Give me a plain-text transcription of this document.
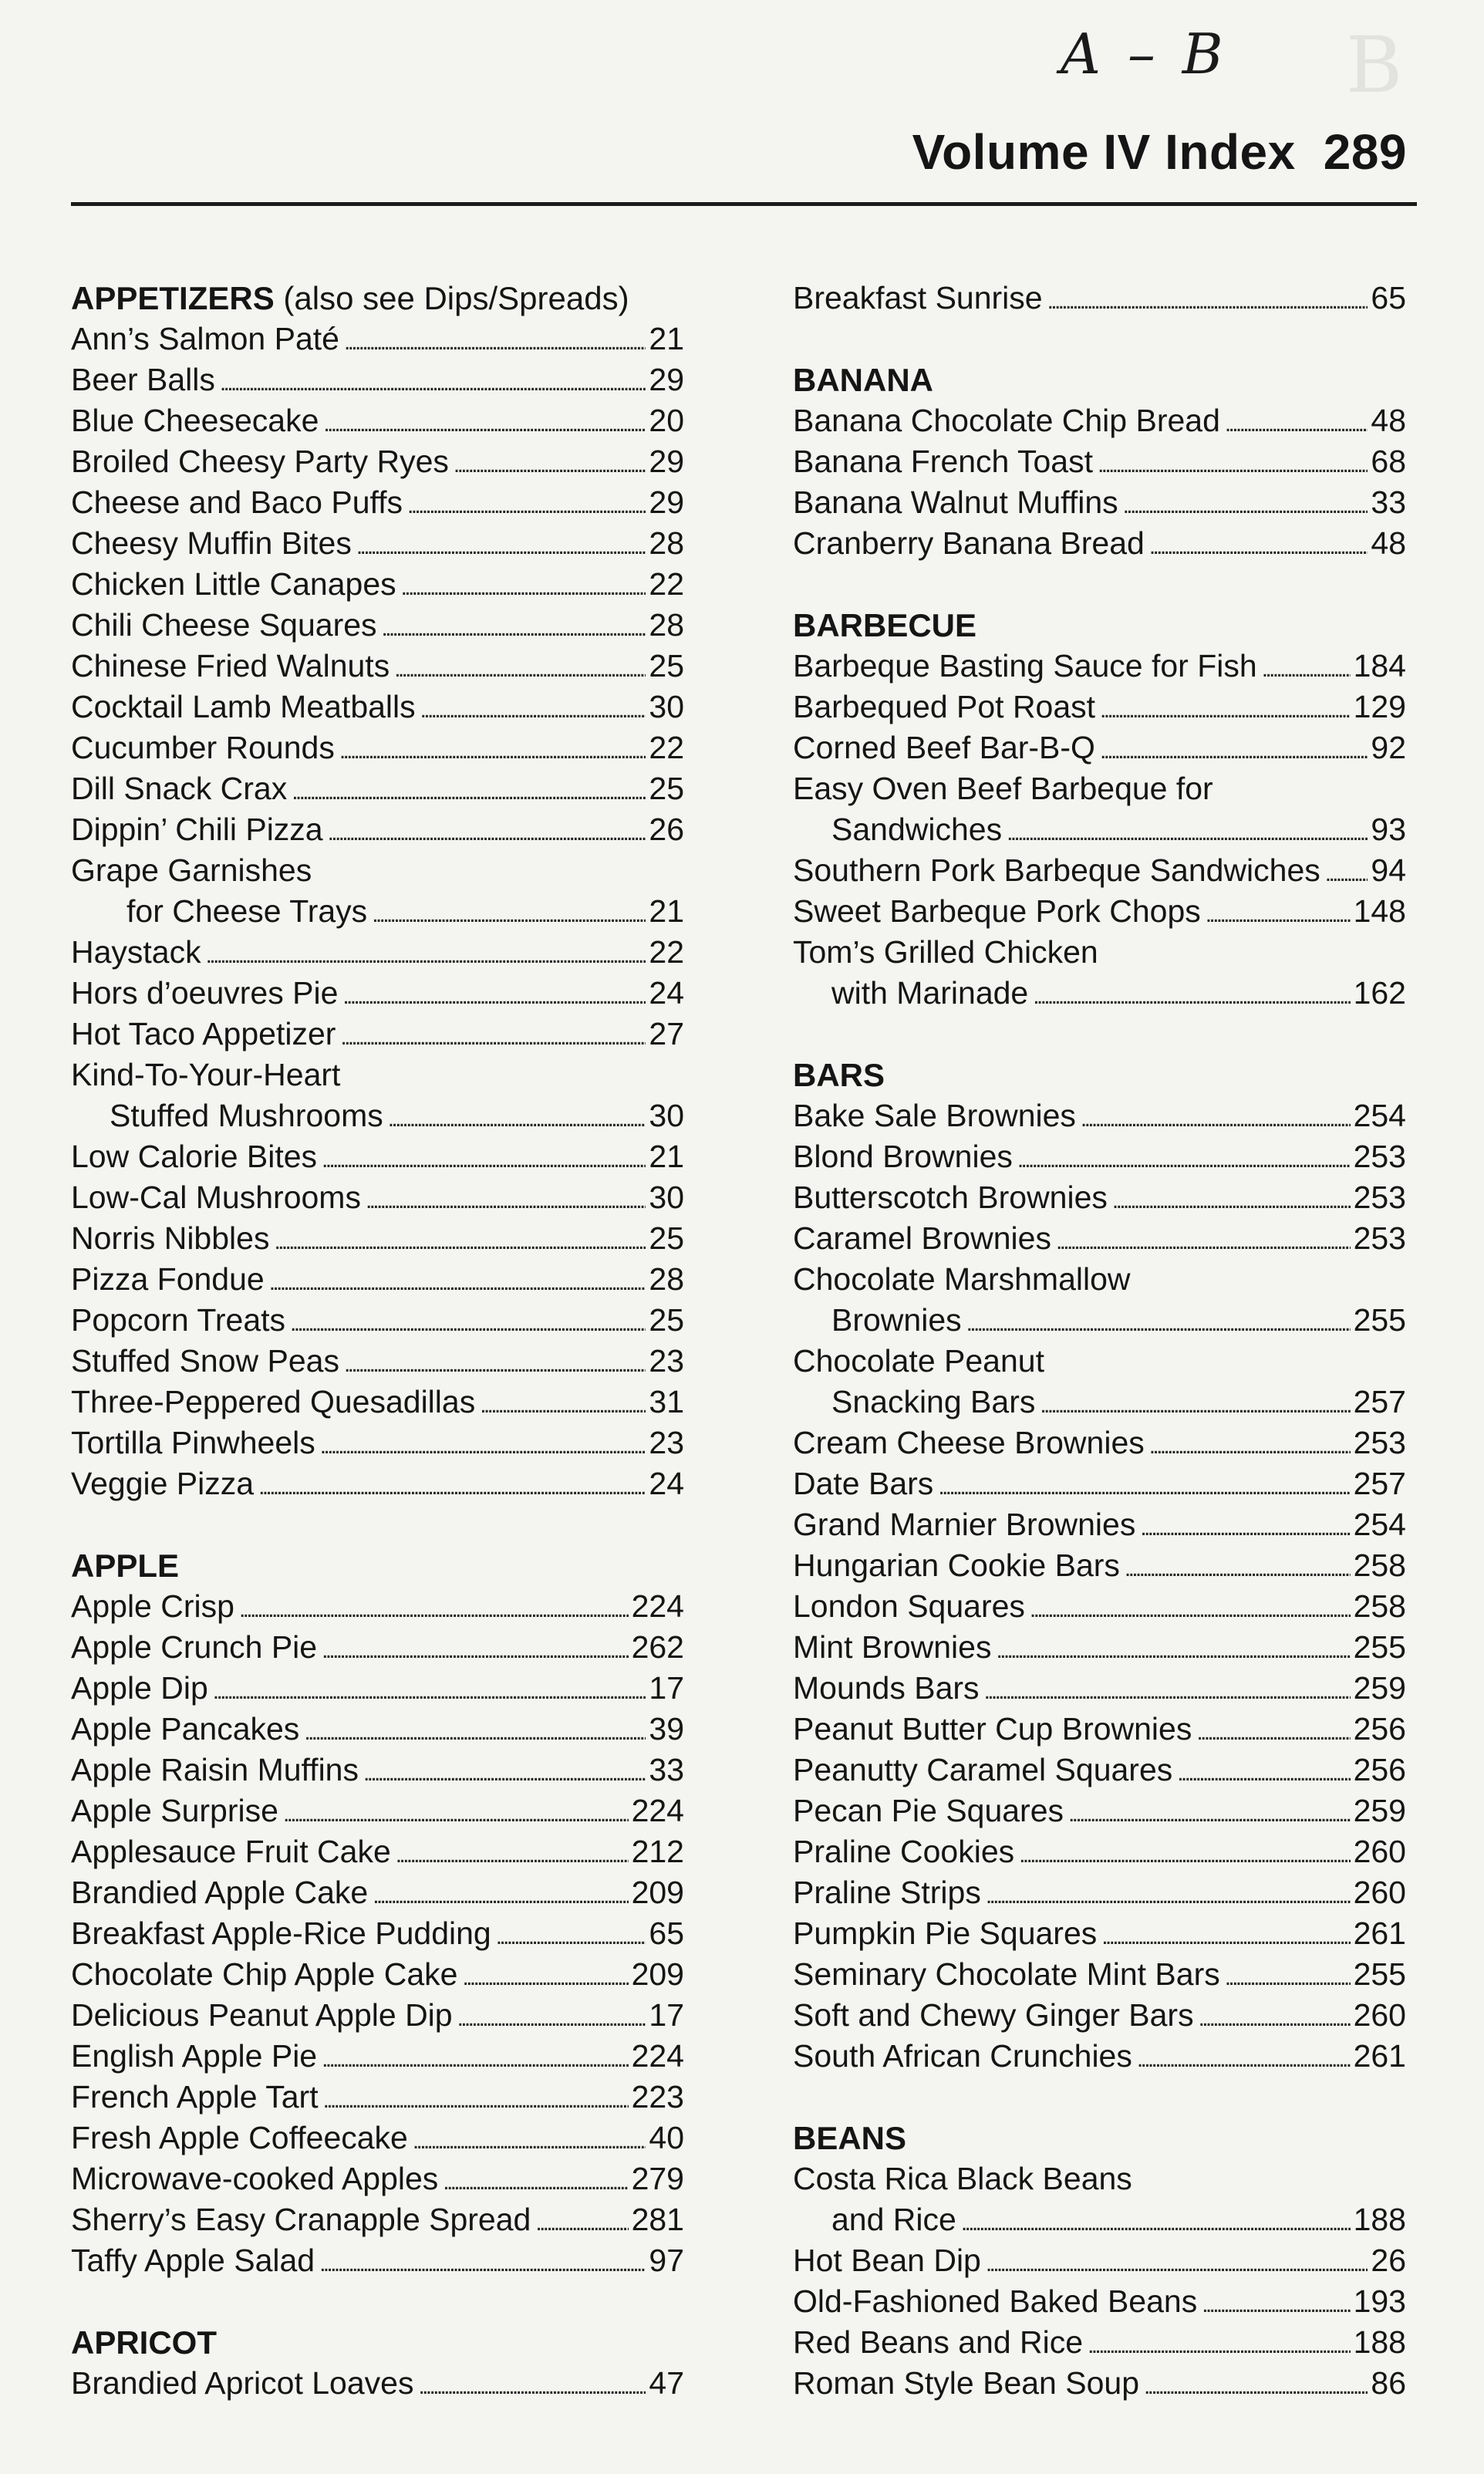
B
A – B
Volume IV Index 289
APPETIZERS (also see Dips/Spreads)
Ann’s Salmon Paté . . .	21
Beer Balls . . .	29
Blue Cheesecake . . .	20
Broiled Cheesy Party Ryes . . .	29
Cheese and Baco Puffs . . .	29
Cheesy Muffin Bites . . .	28
Chicken Little Canapes . . .	22
Chili Cheese Squares . . .	28
Chinese Fried Walnuts . . .	25
Cocktail Lamb Meatballs . . .	30
Cucumber Rounds . . .	22
Dill Snack Crax . . .	25
Dippin’ Chili Pizza . . .	26
Grape Garnishes
for Cheese Trays . . .	21
Haystack . . .	22
Hors d’oeuvres Pie . . .	24
Hot Taco Appetizer . . .	27
Kind-To-Your-Heart
Stuffed Mushrooms . . .	30
Low Calorie Bites . . .	21
Low-Cal Mushrooms . . .	30
Norris Nibbles . . .	25
Pizza Fondue . . .	28
Popcorn Treats . . .	25
Stuffed Snow Peas . . .	23
Three-Peppered Quesadillas . . .	31
Tortilla Pinwheels . . .	23
Veggie Pizza . . .	24
APPLE
Apple Crisp . . .	224
Apple Crunch Pie . . .	262
Apple Dip . . .	17
Apple Pancakes . . .	39
Apple Raisin Muffins . . .	33
Apple Surprise . . .	224
Applesauce Fruit Cake . . .	212
Brandied Apple Cake . . .	209
Breakfast Apple-Rice Pudding . . .	65
Chocolate Chip Apple Cake . . .	209
Delicious Peanut Apple Dip . . .	17
English Apple Pie . . .	224
French Apple Tart . . .	223
Fresh Apple Coffeecake . . .	40
Microwave-cooked Apples . . .	279
Sherry’s Easy Cranapple Spread . . .	281
Taffy Apple Salad . . .	97
APRICOT
Brandied Apricot Loaves . . .	47
Breakfast Sunrise . . .	65
BANANA
Banana Chocolate Chip Bread . . .	48
Banana French Toast . . .	68
Banana Walnut Muffins . . .	33
Cranberry Banana Bread . . .	48
BARBECUE
Barbeque Basting Sauce for Fish . . .	184
Barbequed Pot Roast . . .	129
Corned Beef Bar-B-Q . . .	92
Easy Oven Beef Barbeque for
Sandwiches . . .	93
Southern Pork Barbeque Sandwiches . . . 94
Sweet Barbeque Pork Chops . . .	148
Tom’s Grilled Chicken
with Marinade . . .	162
BARS
Bake Sale Brownies . . .	254
Blond Brownies . . .	253
Butterscotch Brownies . . .	253
Caramel Brownies . . .	253
Chocolate Marshmallow
Brownies . . .	255
Chocolate Peanut
Snacking Bars . . .	257
Cream Cheese Brownies . . .	253
Date Bars . . .	257
Grand Marnier Brownies . . .	254
Hungarian Cookie Bars . . .	258
London Squares . . .	258
Mint Brownies . . .	255
Mounds Bars . . .	259
Peanut Butter Cup Brownies . . .	256
Peanutty Caramel Squares . . .	256
Pecan Pie Squares . . .	259
Praline Cookies . . .	260
Praline Strips . . .	260
Pumpkin Pie Squares . . .	261
Seminary Chocolate Mint Bars . . .	255
Soft and Chewy Ginger Bars . . .	260
South African Crunchies . . .	261
BEANS
Costa Rica Black Beans
and Rice . . .	188
Hot Bean Dip . . .	26
Old-Fashioned Baked Beans . . .	193
Red Beans and Rice . . .	188
Roman Style Bean Soup . . .	86
